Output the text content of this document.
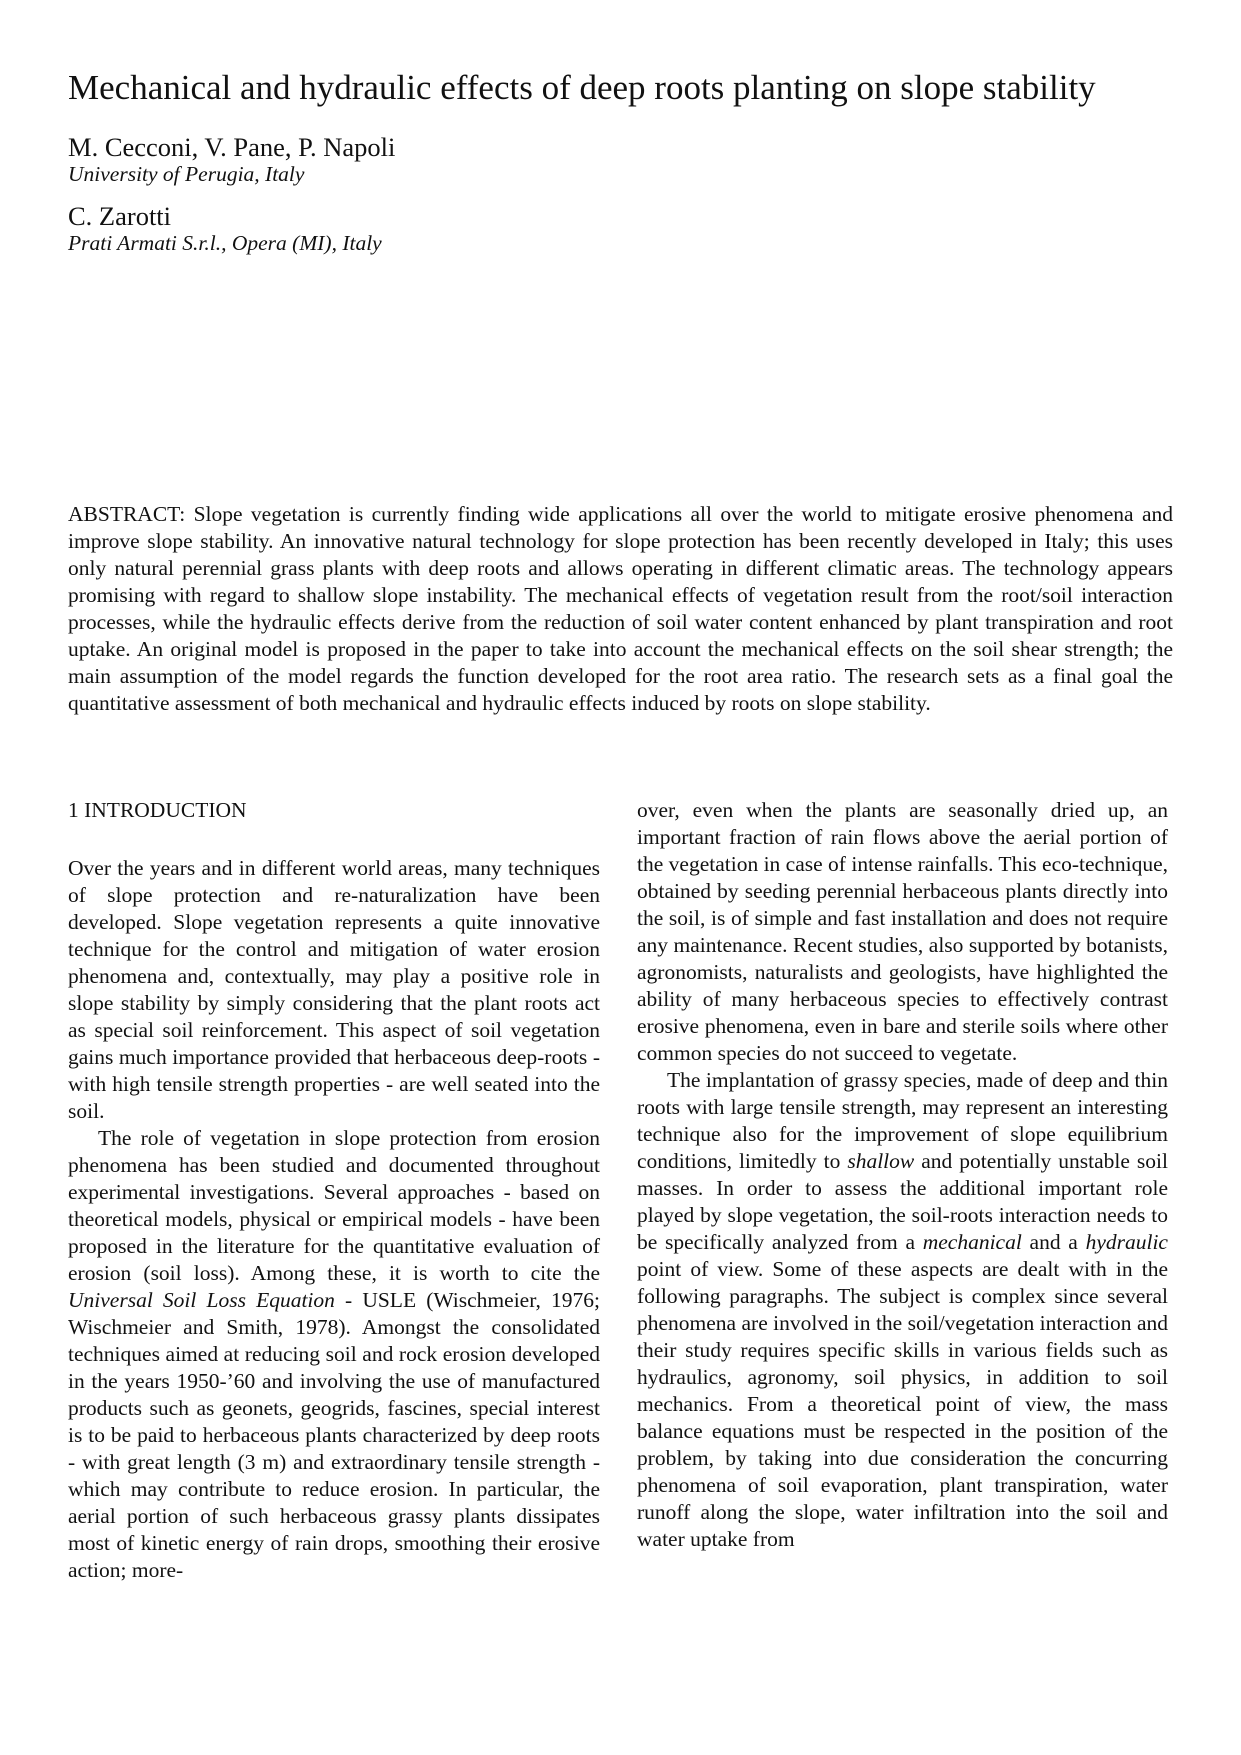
Mechanical and hydraulic effects of deep roots planting on slope stability
M. Cecconi, V. Pane, P. Napoli
University of Perugia, Italy
C. Zarotti
Prati Armati S.r.l., Opera (MI), Italy
ABSTRACT: Slope vegetation is currently finding wide applications all over the world to mitigate erosive phenomena and improve slope stability. An innovative natural technology for slope protection has been recently developed in Italy; this uses only natural perennial grass plants with deep roots and allows operating in different climatic areas. The technology appears promising with regard to shallow slope instability. The mechanical effects of vegetation result from the root/soil interaction processes, while the hydraulic effects derive from the reduction of soil water content enhanced by plant transpiration and root uptake. An original model is proposed in the paper to take into account the mechanical effects on the soil shear strength; the main assumption of the model regards the function developed for the root area ratio. The research sets as a final goal the quantitative assessment of both mechanical and hydraulic effects induced by roots on slope stability.
1 INTRODUCTION

Over the years and in different world areas, many techniques of slope protection and re-naturalization have been developed. Slope vegetation represents a quite innovative technique for the control and mitigation of water erosion phenomena and, contextually, may play a positive role in slope stability by simply considering that the plant roots act as special soil reinforcement. This aspect of soil vegetation gains much importance provided that herbaceous deep-roots - with high tensile strength properties - are well seated into the soil.

The role of vegetation in slope protection from erosion phenomena has been studied and documented throughout experimental investigations. Several approaches - based on theoretical models, physical or empirical models - have been proposed in the literature for the quantitative evaluation of erosion (soil loss). Among these, it is worth to cite the Universal Soil Loss Equation - USLE (Wischmeier, 1976; Wischmeier and Smith, 1978). Amongst the consolidated techniques aimed at reducing soil and rock erosion developed in the years 1950-’60 and involving the use of manufactured products such as geonets, geogrids, fascines, special interest is to be paid to herbaceous plants characterized by deep roots - with great length (3 m) and extraordinary tensile strength - which may contribute to reduce erosion. In particular, the aerial portion of such herbaceous grassy plants dissipates most of kinetic energy of rain drops, smoothing their erosive action; more-

over, even when the plants are seasonally dried up, an important fraction of rain flows above the aerial portion of the vegetation in case of intense rainfalls. This eco-technique, obtained by seeding perennial herbaceous plants directly into the soil, is of simple and fast installation and does not require any maintenance. Recent studies, also supported by botanists, agronomists, naturalists and geologists, have highlighted the ability of many herbaceous species to effectively contrast erosive phenomena, even in bare and sterile soils where other common species do not succeed to vegetate.

The implantation of grassy species, made of deep and thin roots with large tensile strength, may represent an interesting technique also for the improvement of slope equilibrium conditions, limitedly to shallow and potentially unstable soil masses. In order to assess the additional important role played by slope vegetation, the soil-roots interaction needs to be specifically analyzed from a mechanical and a hydraulic point of view. Some of these aspects are dealt with in the following paragraphs. The subject is complex since several phenomena are involved in the soil/vegetation interaction and their study requires specific skills in various fields such as hydraulics, agronomy, soil physics, in addition to soil mechanics. From a theoretical point of view, the mass balance equations must be respected in the position of the problem, by taking into due consideration the concurring phenomena of soil evaporation, plant transpiration, water runoff along the slope, water infiltration into the soil and water uptake from
